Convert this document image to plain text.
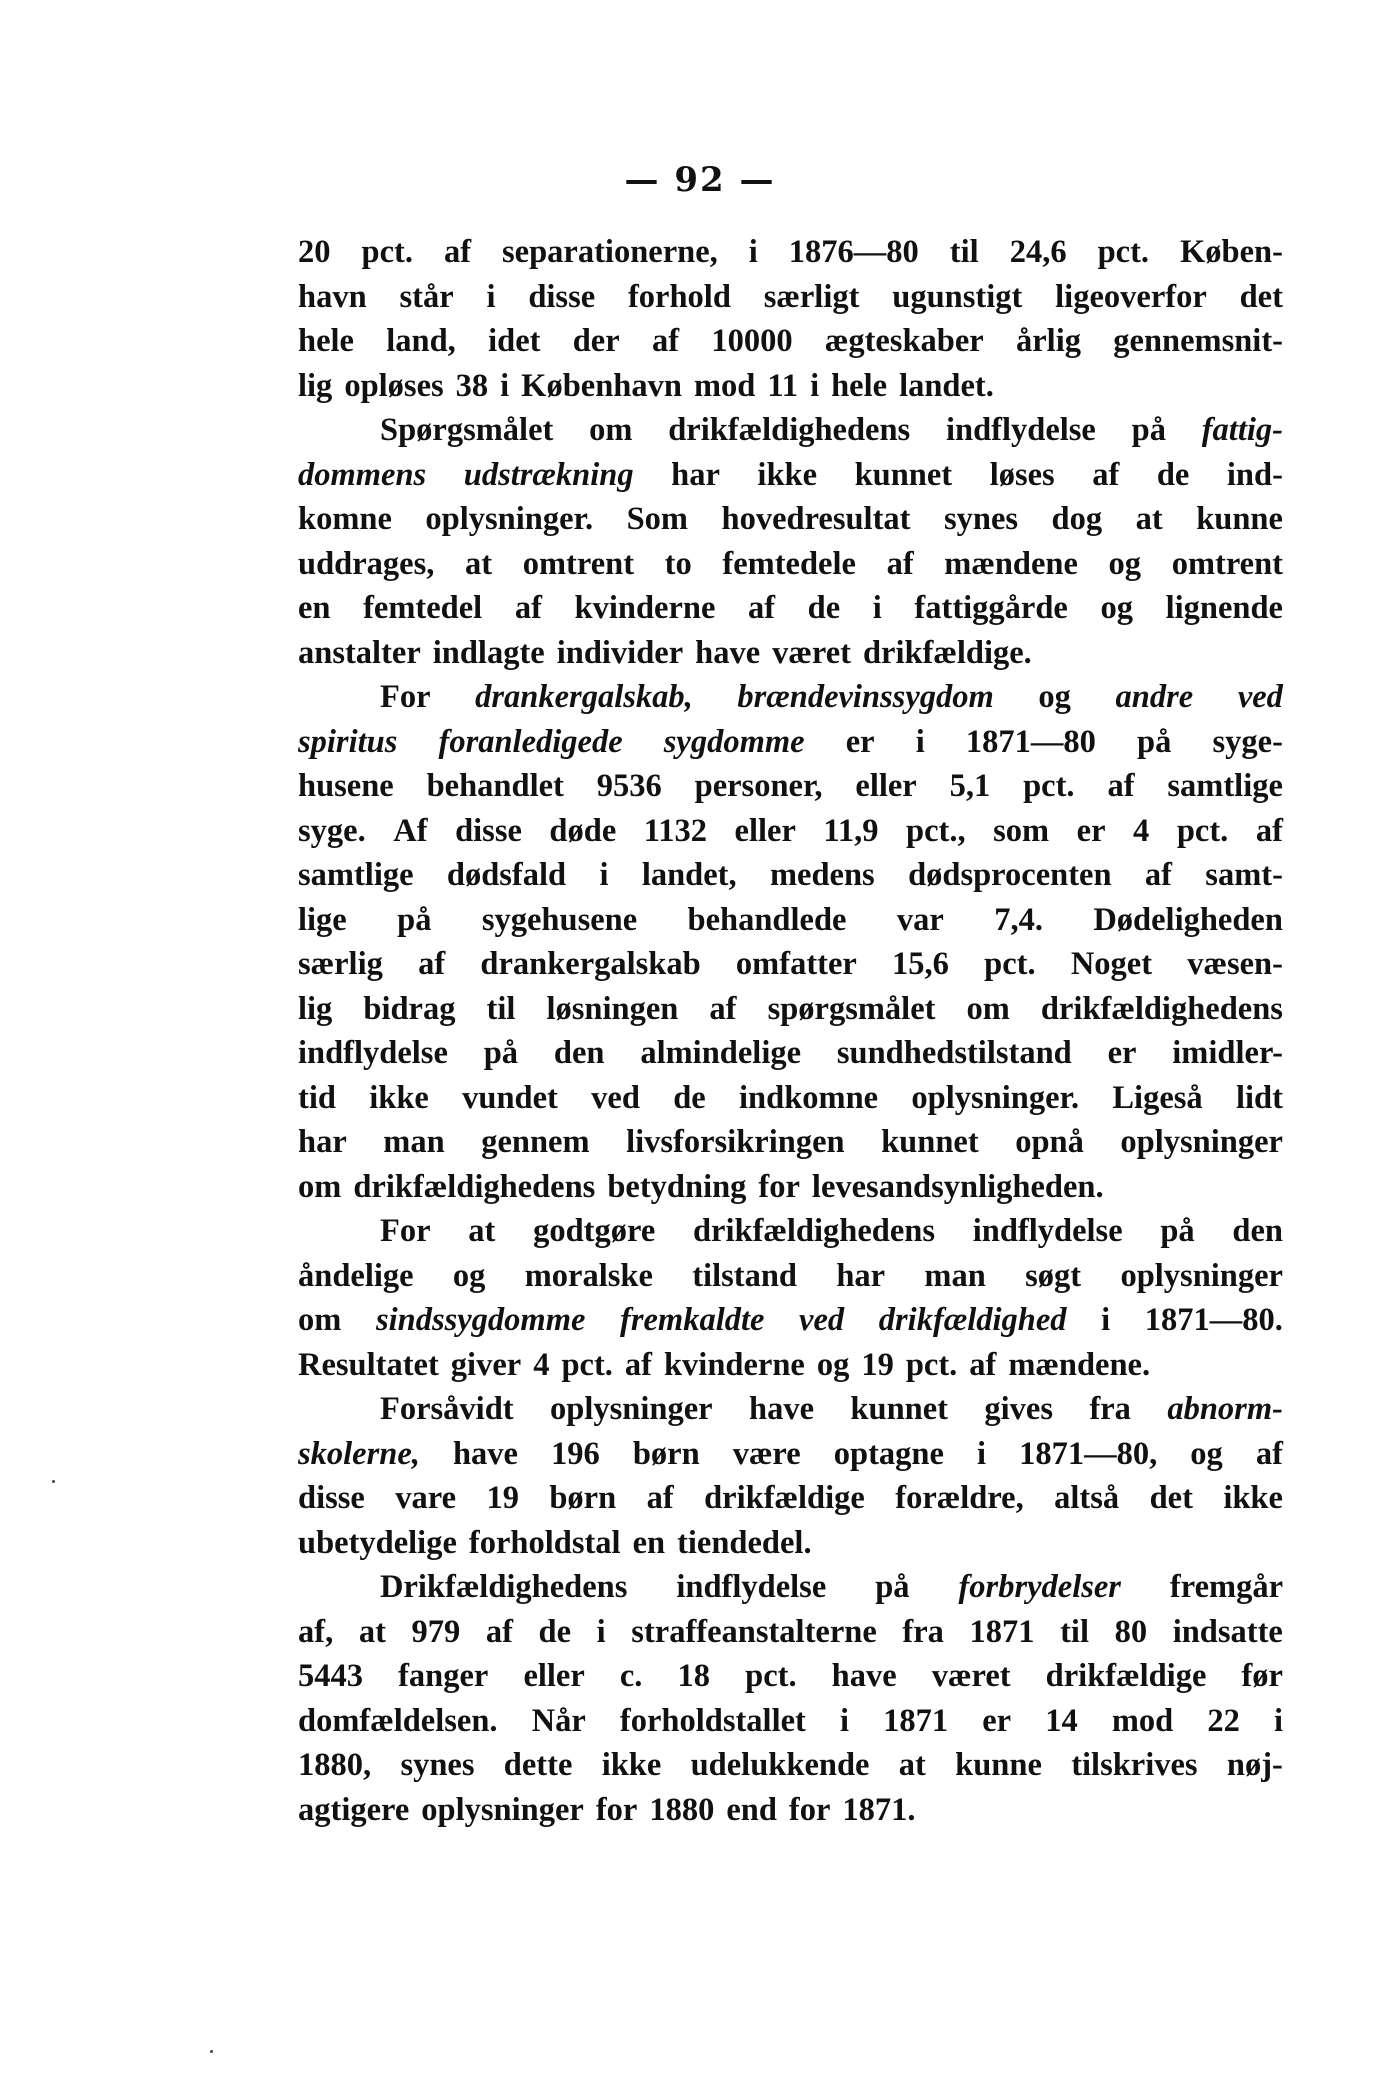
— 92 —
20 pct. af separationerne, i 1876—80 til 24,6 pct. Køben-
havn står i disse forhold særligt ugunstigt ligeoverfor det
hele land, idet der af 10000 ægteskaber årlig gennemsnit-
lig opløses 38 i København mod 11 i hele landet.
Spørgsmålet om drikfældighedens indflydelse på fattig-
dommens udstrækning har ikke kunnet løses af de ind-
komne oplysninger. Som hovedresultat synes dog at kunne
uddrages, at omtrent to femtedele af mændene og omtrent
en femtedel af kvinderne af de i fattiggårde og lignende
anstalter indlagte individer have været drikfældige.
For drankergalskab, brændevinssygdom og andre ved
spiritus foranledigede sygdomme er i 1871—80 på syge-
husene behandlet 9536 personer, eller 5,1 pct. af samtlige
syge. Af disse døde 1132 eller 11,9 pct., som er 4 pct. af
samtlige dødsfald i landet, medens dødsprocenten af samt-
lige på sygehusene behandlede var 7,4. Dødeligheden
særlig af drankergalskab omfatter 15,6 pct. Noget væsen-
lig bidrag til løsningen af spørgsmålet om drikfældighedens
indflydelse på den almindelige sundhedstilstand er imidler-
tid ikke vundet ved de indkomne oplysninger. Ligeså lidt
har man gennem livsforsikringen kunnet opnå oplysninger
om drikfældighedens betydning for levesandsynligheden.
For at godtgøre drikfældighedens indflydelse på den
åndelige og moralske tilstand har man søgt oplysninger
om sindssygdomme fremkaldte ved drikfældighed i 1871—80.
Resultatet giver 4 pct. af kvinderne og 19 pct. af mændene.
Forsåvidt oplysninger have kunnet gives fra abnorm-
skolerne, have 196 børn være optagne i 1871—80, og af
disse vare 19 børn af drikfældige forældre, altså det ikke
ubetydelige forholdstal en tiendedel.
Drikfældighedens indflydelse på forbrydelser fremgår
af, at 979 af de i straffeanstalterne fra 1871 til 80 indsatte
5443 fanger eller c. 18 pct. have været drikfældige før
domfældelsen. Når forholdstallet i 1871 er 14 mod 22 i
1880, synes dette ikke udelukkende at kunne tilskrives nøj-
agtigere oplysninger for 1880 end for 1871.
